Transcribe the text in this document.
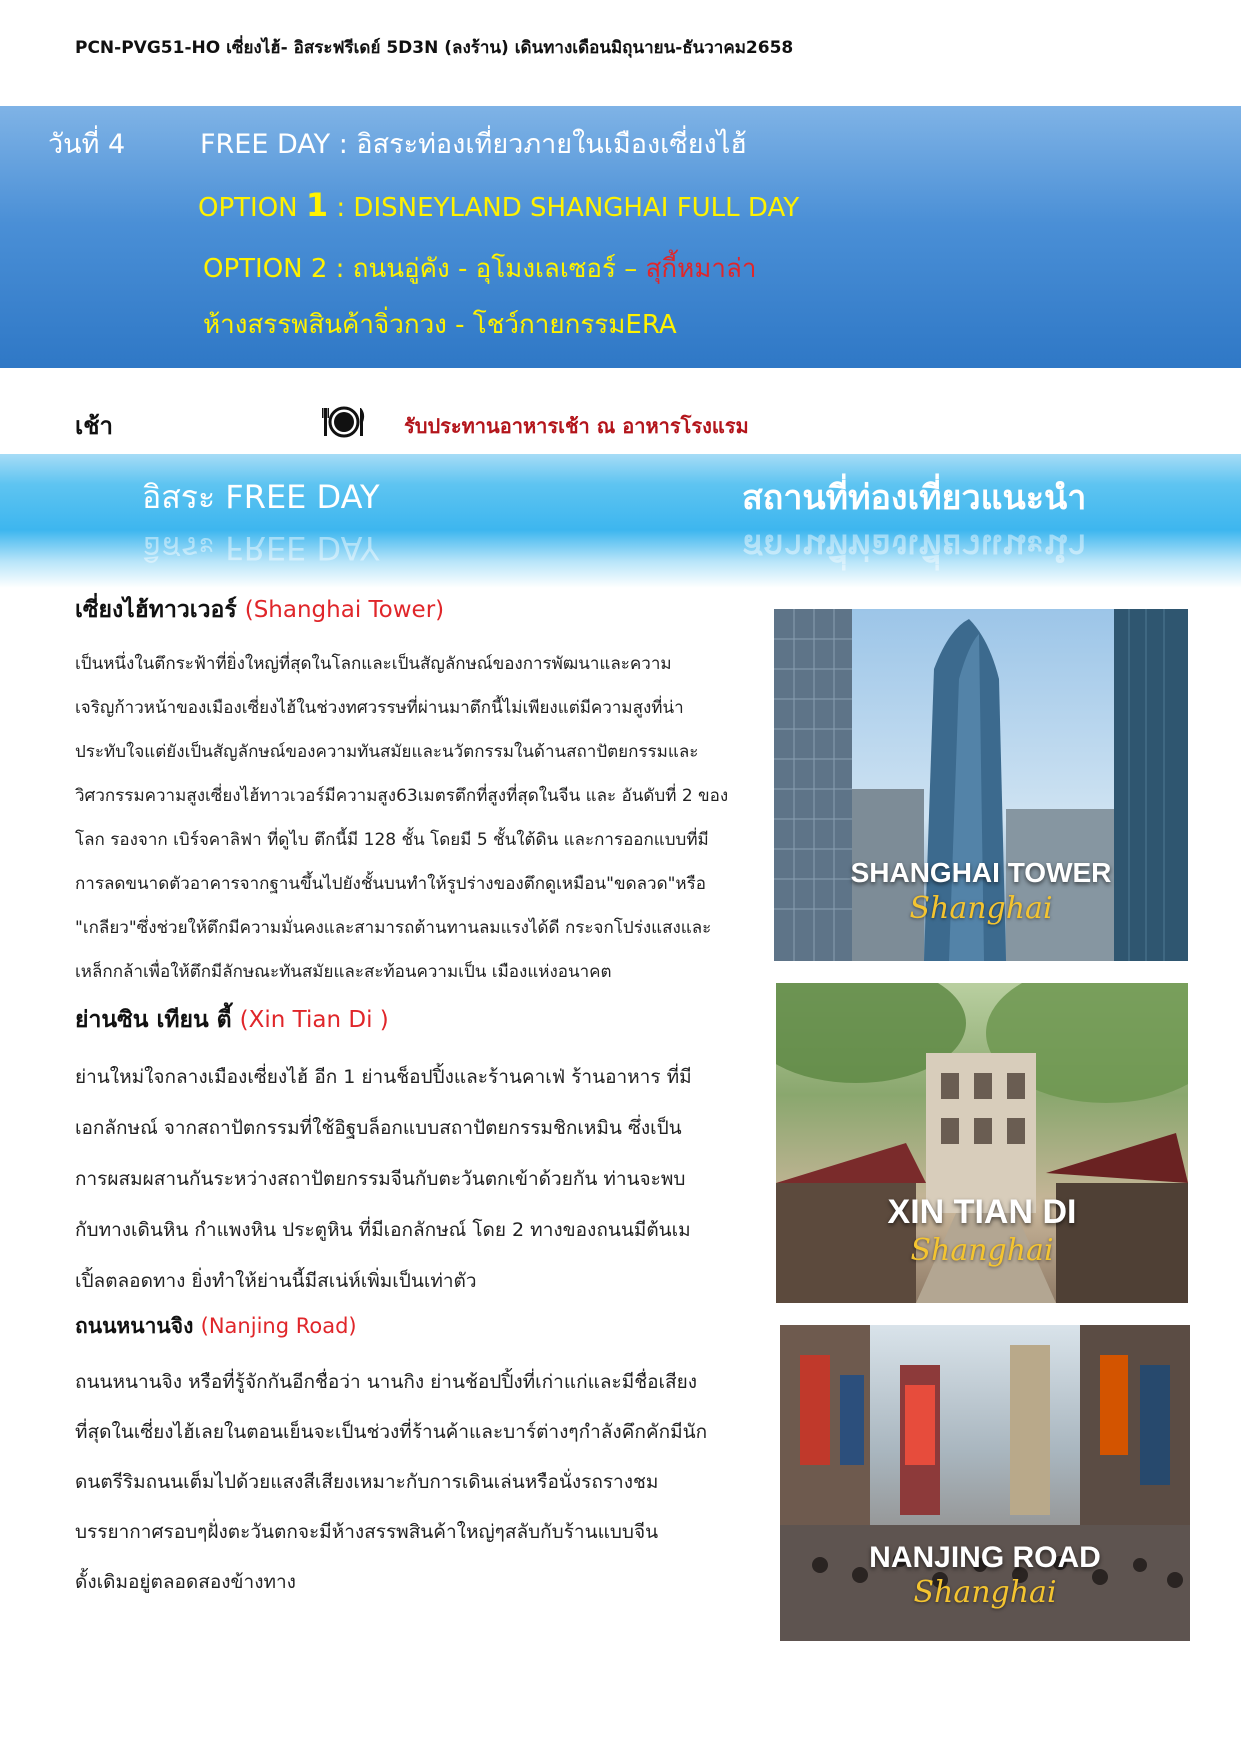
PCN-PVG51-HO เซี่ยงไฮ้- อิสระฟรีเดย์ 5D3N (ลงร้าน) เดินทางเดือนมิถุนายน-ธันวาคม2658
วันที่ 4	FREE DAY : อิสระท่องเที่ยวภายในเมืองเซี่ยงไฮ้
OPTION 1 : DISNEYLAND SHANGHAI FULL DAY
OPTION 2 : ถนนอู่คัง - อุโมงเลเซอร์ – สุกี้หมาล่า
ห้างสรรพสินค้าจิ่วกวง - โชว์กายกรรมERA
เช้า	รับประทานอาหารเช้า ณ อาหารโรงแรม
อิสระ FREE DAY	สถานที่ท่องเที่ยวแนะนำ
อิสระ FREE DAY	สถานที่ท่องเที่ยวแนะนำ
เซี่ยงไฮ้ทาวเวอร์ (Shanghai Tower)
เป็นหนึ่งในตึกระฟ้าที่ยิ่งใหญ่ที่สุดในโลกและเป็นสัญลักษณ์ของการพัฒนาและความ
เจริญก้าวหน้าของเมืองเซี่ยงไฮ้ในช่วงทศวรรษที่ผ่านมาตึกนี้ไม่เพียงแต่มีความสูงที่น่า
ประทับใจแต่ยังเป็นสัญลักษณ์ของความทันสมัยและนวัตกรรมในด้านสถาปัตยกรรมและ
วิศวกรรมความสูงเซี่ยงไฮ้ทาวเวอร์มีความสูง63เมตรตึกที่สูงที่สุดในจีน และ อันดับที่ 2 ของ
โลก รองจาก เบิร์จคาลิฟา ที่ดูไบ ตึกนี้มี 128 ชั้น โดยมี 5 ชั้นใต้ดิน และการออกแบบที่มี
การลดขนาดตัวอาคารจากฐานขึ้นไปยังชั้นบนทำให้รูปร่างของตึกดูเหมือน"ขดลวด"หรือ
"เกลียว"ซึ่งช่วยให้ตึกมีความมั่นคงและสามารถต้านทานลมแรงได้ดี กระจกโปร่งแสงและ
เหล็กกล้าเพื่อให้ตึกมีลักษณะทันสมัยและสะท้อนความเป็น เมืองแห่งอนาคต
SHANGHAI TOWER
Shanghai
ย่านซิน เทียน ตี้ (Xin Tian Di )
ย่านใหม่ใจกลางเมืองเซี่ยงไฮ้ อีก 1 ย่านช็อปปิ้งและร้านคาเฟ่ ร้านอาหาร ที่มี
เอกลักษณ์ จากสถาปัตกรรมที่ใช้อิฐบล็อกแบบสถาปัตยกรรมชิกเหมิน ซึ่งเป็น
การผสมผสานกันระหว่างสถาปัตยกรรมจีนกับตะวันตกเข้าด้วยกัน ท่านจะพบ
กับทางเดินหิน กำแพงหิน ประตูหิน ที่มีเอกลักษณ์ โดย 2 ทางของถนนมีต้นเม
เปิ้ลตลอดทาง ยิ่งทำให้ย่านนี้มีสเน่ห์เพิ่มเป็นเท่าตัว
XIN TIAN DI
Shanghai
ถนนหนานจิง (Nanjing Road)
ถนนหนานจิง หรือที่รู้จักกันอีกชื่อว่า นานกิง ย่านช้อปปิ้งที่เก่าแก่และมีชื่อเสียง
ที่สุดในเซี่ยงไฮ้เลยในตอนเย็นจะเป็นช่วงที่ร้านค้าและบาร์ต่างๆกำลังคึกคักมีนัก
ดนตรีริมถนนเต็มไปด้วยแสงสีเสียงเหมาะกับการเดินเล่นหรือนั่งรถรางชม
บรรยากาศรอบๆฝั่งตะวันตกจะมีห้างสรรพสินค้าใหญ่ๆสลับกับร้านแบบจีน
ดั้งเดิมอยู่ตลอดสองข้างทาง
NANJING ROAD
Shanghai
